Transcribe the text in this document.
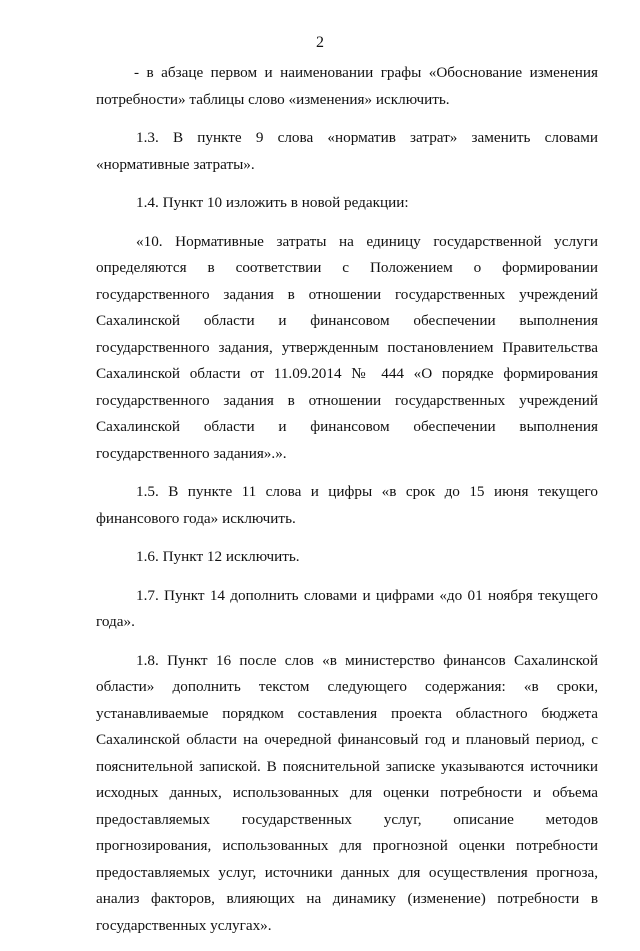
2

- в абзаце первом и наименовании графы «Обоснование изменения потребности» таблицы слово «изменения» исключить.

1.3. В пункте 9 слова «норматив затрат» заменить словами «нормативные затраты».

1.4. Пункт 10 изложить в новой редакции:

«10. Нормативные затраты на единицу государственной услуги определяются в соответствии с Положением о формировании государственного задания в отношении государственных учреждений Сахалинской области и финансовом обеспечении выполнения государственного задания, утвержденным постановлением Правительства Сахалинской области от 11.09.2014 № 444 «О порядке формирования государственного задания в отношении государственных учреждений Сахалинской области и финансовом обеспечении выполнения государственного задания».».

1.5. В пункте 11 слова и цифры «в срок до 15 июня текущего финансового года» исключить.

1.6. Пункт 12 исключить.

1.7. Пункт 14 дополнить словами и цифрами «до 01 ноября текущего года».

1.8. Пункт 16 после слов «в министерство финансов Сахалинской области» дополнить текстом следующего содержания: «в сроки, устанавливаемые порядком составления проекта областного бюджета Сахалинской области на очередной финансовый год и плановый период, с пояснительной запиской. В пояснительной записке указываются источники исходных данных, использованных для оценки потребности и объема предоставляемых государственных услуг, описание методов прогнозирования, использованных для прогнозной оценки потребности предоставляемых услуг, источники данных для осуществления прогноза, анализ факторов, влияющих на динамику (изменение) потребности в государственных услугах».
